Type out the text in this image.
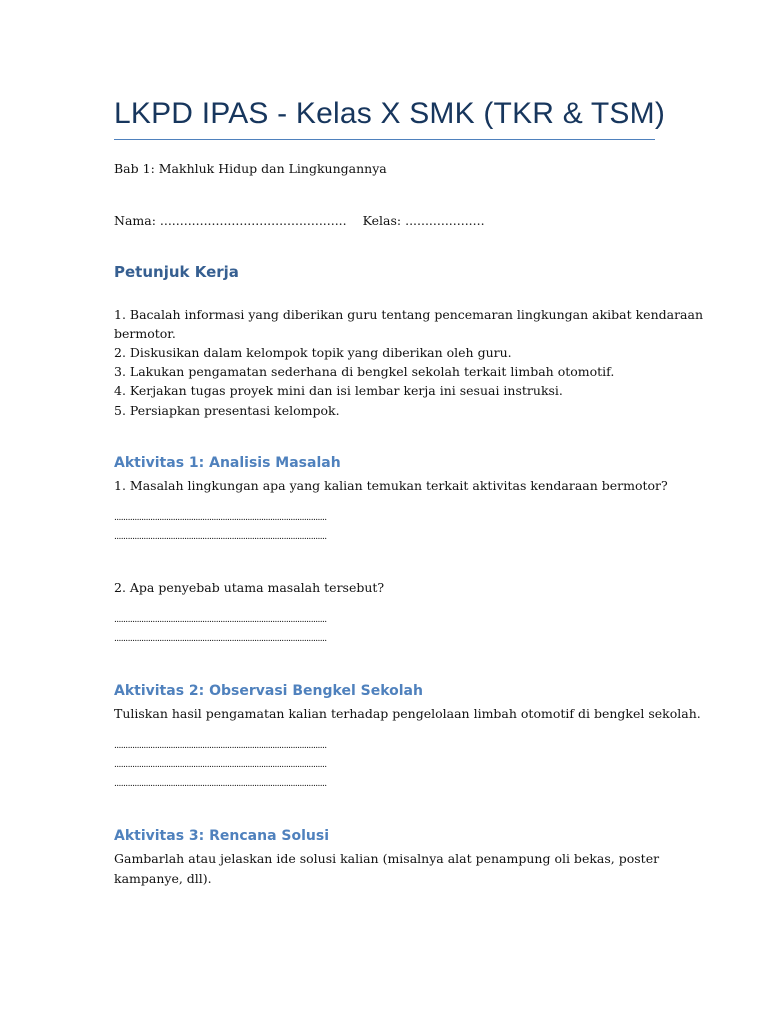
LKPD IPAS - Kelas X SMK (TKR & TSM)
Bab 1: Makhluk Hidup dan Lingkungannya
Nama: ............................................... Kelas: ....................
Petunjuk Kerja
1. Bacalah informasi yang diberikan guru tentang pencemaran lingkungan akibat kendaraan
bermotor.
2. Diskusikan dalam kelompok topik yang diberikan oleh guru.
3. Lakukan pengamatan sederhana di bengkel sekolah terkait limbah otomotif.
4. Kerjakan tugas proyek mini dan isi lembar kerja ini sesuai instruksi.
5. Persiapkan presentasi kelompok.
Aktivitas 1: Analisis Masalah
1. Masalah lingkungan apa yang kalian temukan terkait aktivitas kendaraan bermotor?
..............................................................................................
..............................................................................................
2. Apa penyebab utama masalah tersebut?
..............................................................................................
..............................................................................................
Aktivitas 2: Observasi Bengkel Sekolah
Tuliskan hasil pengamatan kalian terhadap pengelolaan limbah otomotif di bengkel sekolah.
..............................................................................................
..............................................................................................
..............................................................................................
Aktivitas 3: Rencana Solusi
Gambarlah atau jelaskan ide solusi kalian (misalnya alat penampung oli bekas, poster
kampanye, dll).
